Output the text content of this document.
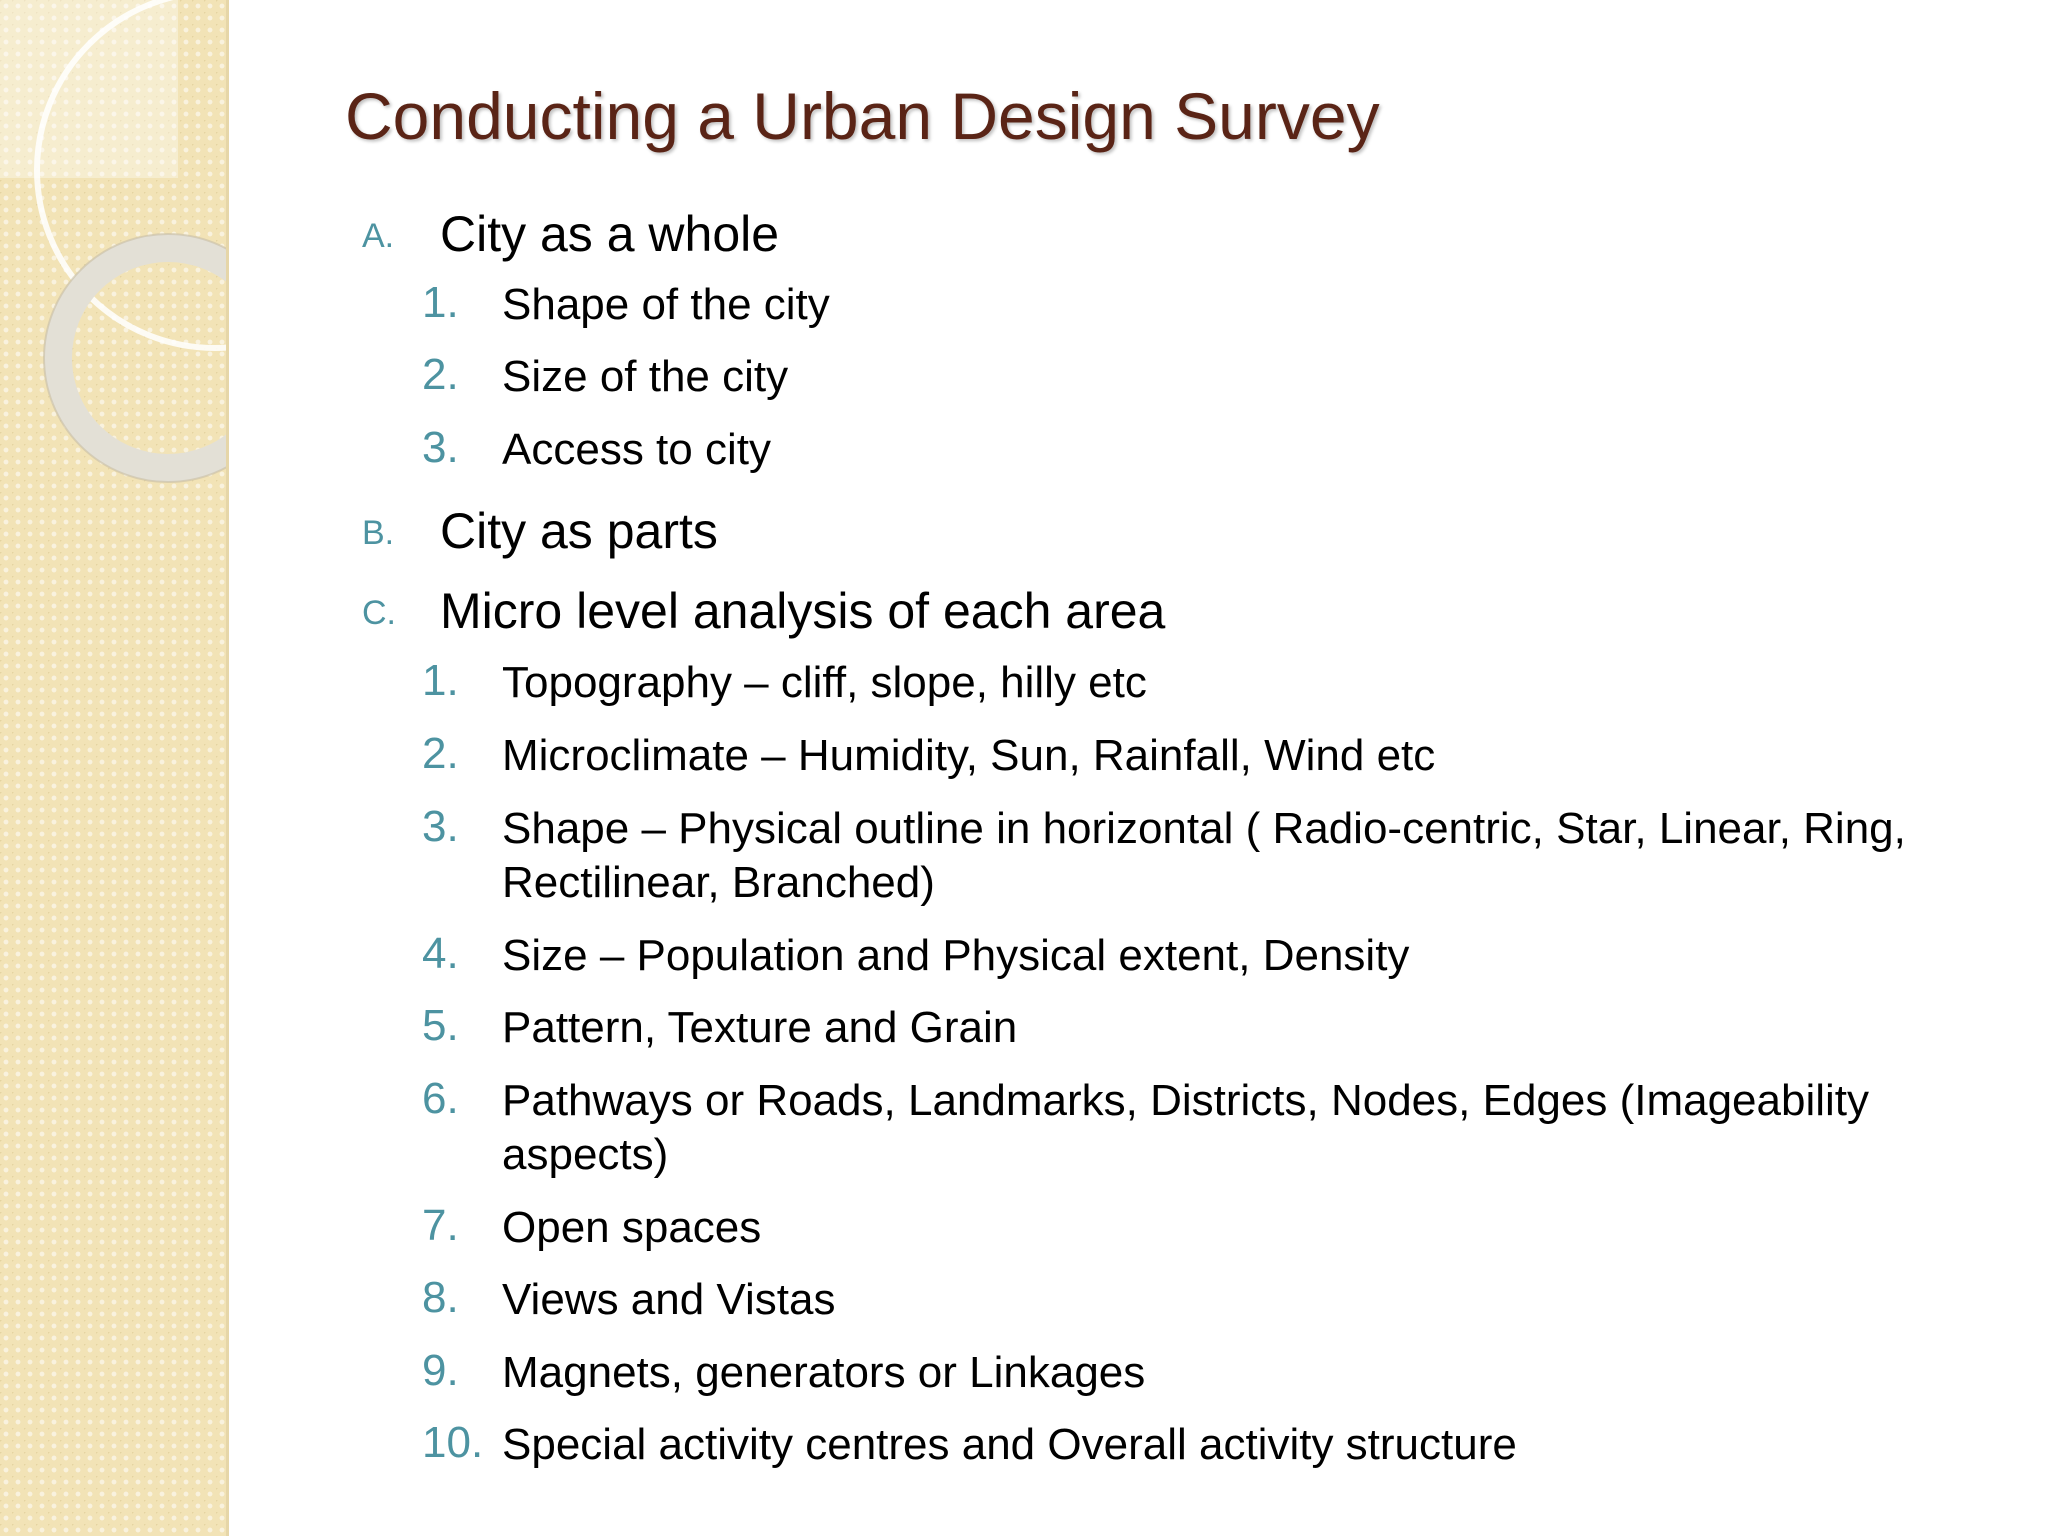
Conducting a Urban Design Survey
A. City as a whole
1. Shape of the city
2. Size of the city
3. Access to city
B. City as parts
C. Micro level analysis of each area
1. Topography – cliff, slope, hilly etc
2. Microclimate – Humidity, Sun, Rainfall, Wind etc
3. Shape – Physical outline in horizontal ( Radio-centric, Star, Linear, Ring,
Rectilinear, Branched)
4. Size – Population and Physical extent, Density
5. Pattern, Texture and Grain
6. Pathways or Roads, Landmarks, Districts, Nodes, Edges (Imageability
aspects)
7. Open spaces
8. Views and Vistas
9. Magnets, generators or Linkages
10. Special activity centres and Overall activity structure
